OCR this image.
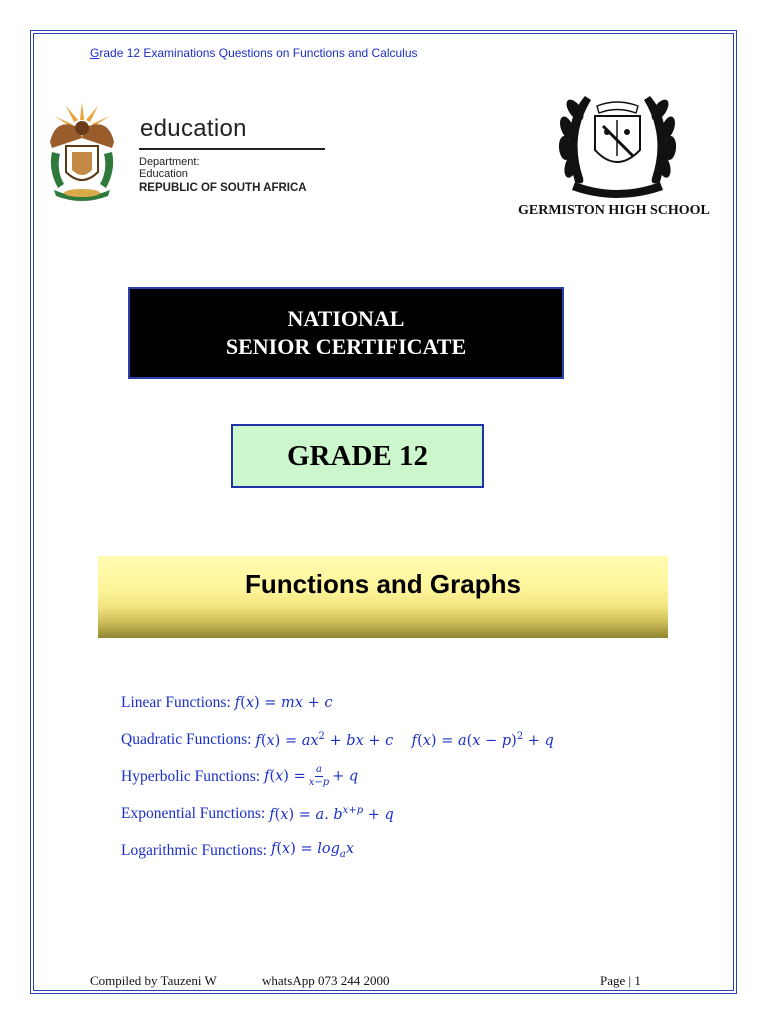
Grade 12 Examinations Questions on Functions and Calculus
education
Department:
Education
REPUBLIC OF SOUTH AFRICA
GERMISTON HIGH SCHOOL
NATIONAL
SENIOR CERTIFICATE
GRADE 12
Functions and Graphs
Linear Functions: f(x) = mx + c
Quadratic Functions: $f(x) = ax^2$ + bx + c    $f(x) = a(x - p)^2 + q$
Hyperbolic Functions: $f(x) = \frac{a}{x-p} + q$
Exponential Functions: f(x) = a. $b^{x+p} + q$
Logarithmic Functions: $f(x) = \log_ax$
Compiled by Tauzeni W	whatsApp 073 244 2000	Page | 1
